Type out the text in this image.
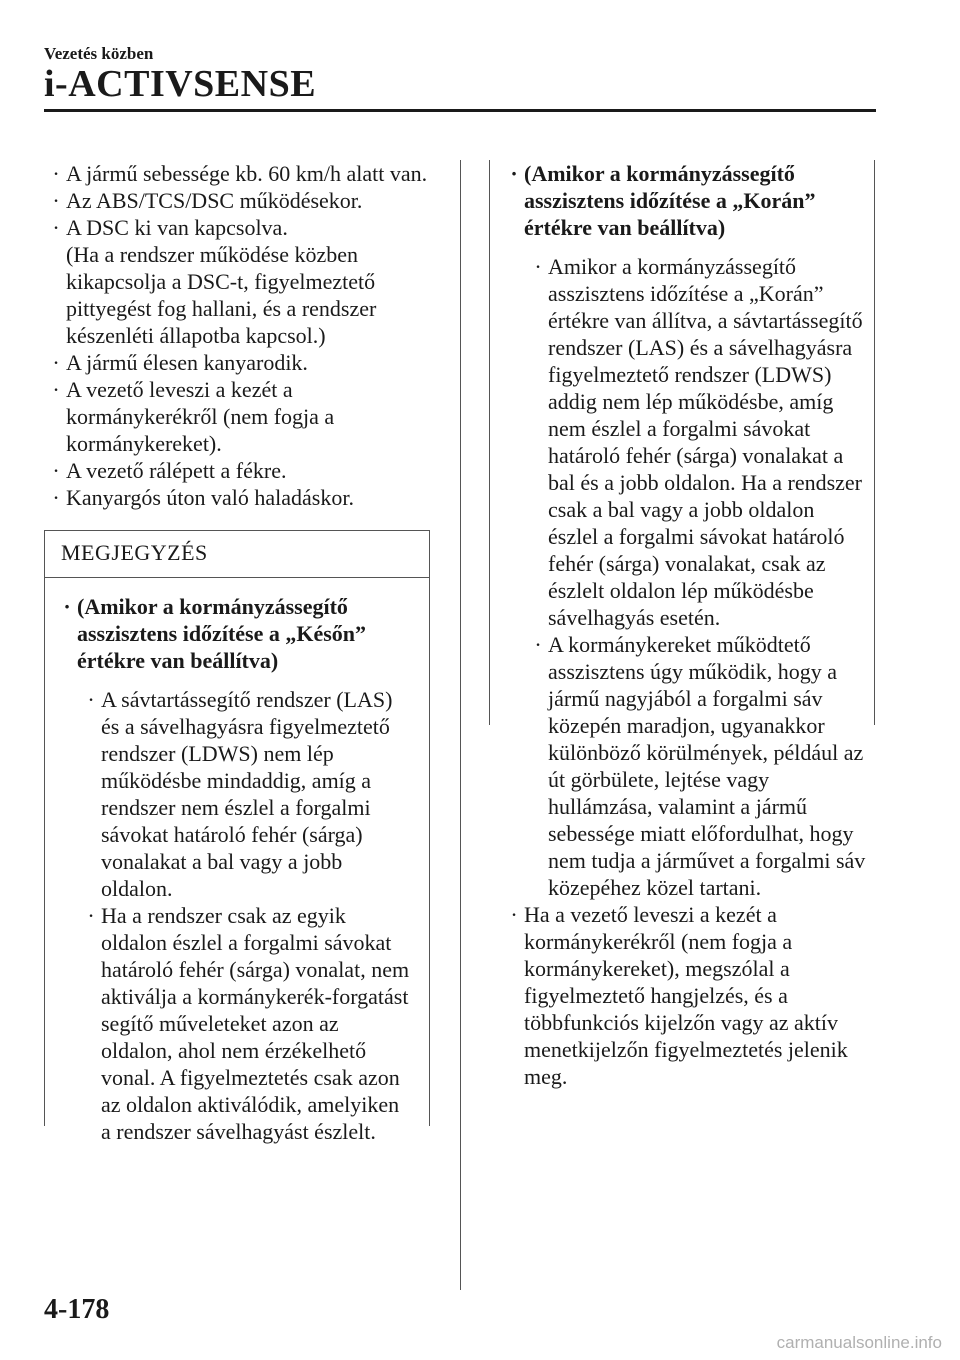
Vezetés közben
i-ACTIVSENSE
· A jármű sebessége kb. 60 km/h alatt van.
· Az ABS/TCS/DSC működésekor.
· A DSC ki van kapcsolva.
(Ha a rendszer működése közben kikapcsolja a DSC-t, figyelmeztető pittyegést fog hallani, és a rendszer készenléti állapotba kapcsol.)
· A jármű élesen kanyarodik.
· A vezető leveszi a kezét a kormánykerékről (nem fogja a kormánykereket).
· A vezető rálépett a fékre.
· Kanyargós úton való haladáskor.
MEGJEGYZÉS
· (Amikor a kormányzássegítő asszisztens időzítése a „Későn” értékre van beállítva)
· A sávtartássegítő rendszer (LAS) és a sávelhagyásra figyelmeztető rendszer (LDWS) nem lép működésbe mindaddig, amíg a rendszer nem észlel a forgalmi sávokat határoló fehér (sárga) vonalakat a bal vagy a jobb oldalon.
· Ha a rendszer csak az egyik oldalon észlel a forgalmi sávokat határoló fehér (sárga) vonalat, nem aktiválja a kormánykerék-forgatást segítő műveleteket azon az oldalon, ahol nem érzékelhető vonal. A figyelmeztetés csak azon az oldalon aktiválódik, amelyiken a rendszer sávelhagyást észlelt.
· (Amikor a kormányzássegítő asszisztens időzítése a „Korán” értékre van beállítva)
· Amikor a kormányzássegítő asszisztens időzítése a „Korán” értékre van állítva, a sávtartássegítő rendszer (LAS) és a sávelhagyásra figyelmeztető rendszer (LDWS) addig nem lép működésbe, amíg nem észlel a forgalmi sávokat határoló fehér (sárga) vonalakat a bal és a jobb oldalon. Ha a rendszer csak a bal vagy a jobb oldalon észlel a forgalmi sávokat határoló fehér (sárga) vonalakat, csak az észlelt oldalon lép működésbe sávelhagyás esetén.
· A kormánykereket működtető asszisztens úgy működik, hogy a jármű nagyjából a forgalmi sáv közepén maradjon, ugyanakkor különböző körülmények, például az út görbülete, lejtése vagy hullámzása, valamint a jármű sebessége miatt előfordulhat, hogy nem tudja a járművet a forgalmi sáv közepéhez közel tartani.
· Ha a vezető leveszi a kezét a kormánykerékről (nem fogja a kormánykereket), megszólal a figyelmeztető hangjelzés, és a többfunkciós kijelzőn vagy az aktív menetkijelzőn figyelmeztetés jelenik meg.
4-178
carmanualsonline.info
